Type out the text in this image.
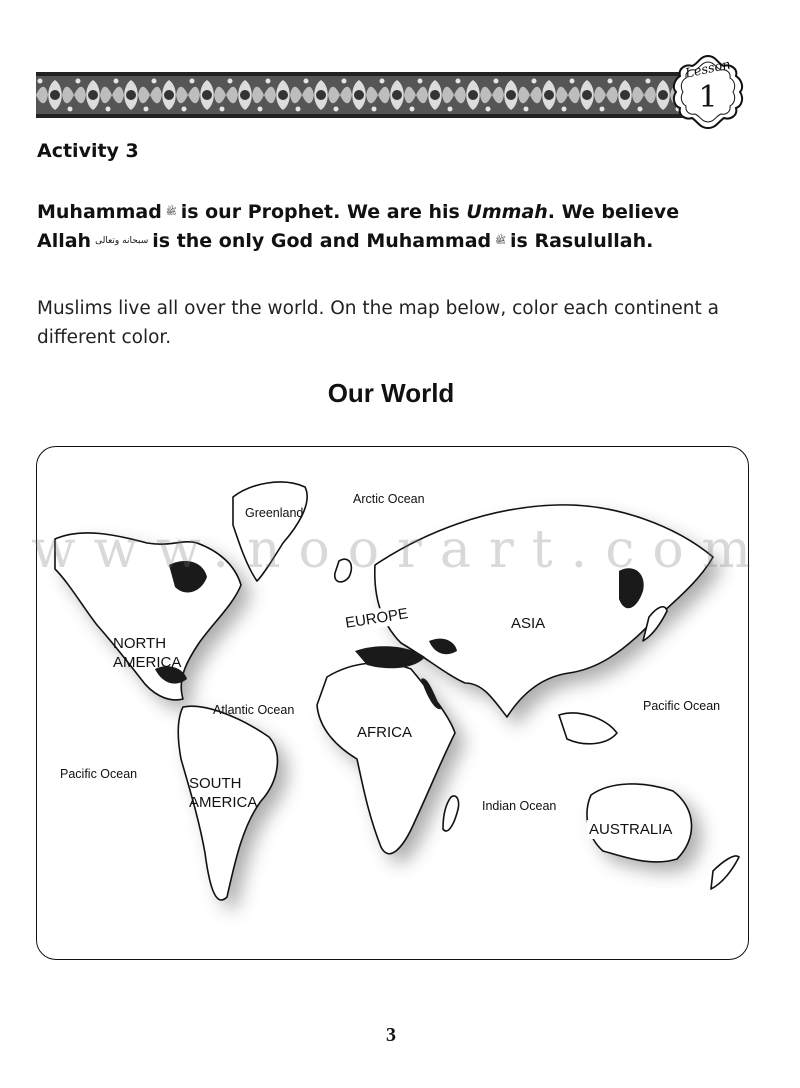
Lesson
1
Activity 3
Muhammad ﷺ is our Prophet. We are his Ummah. We believe
Allah سبحانه وتعالى is the only God and Muhammad ﷺ is Rasulullah.
Muslims live all over the world. On the map below, color each continent a different color.
Our World
Greenland
Arctic Ocean
EUROPE	ASIA
NORTH
AMERICA
Atlantic Ocean
AFRICA
Pacific Ocean
Pacific Ocean
SOUTH
AMERICA	Indian Ocean
AUSTRALIA
www.noorart.com
3
